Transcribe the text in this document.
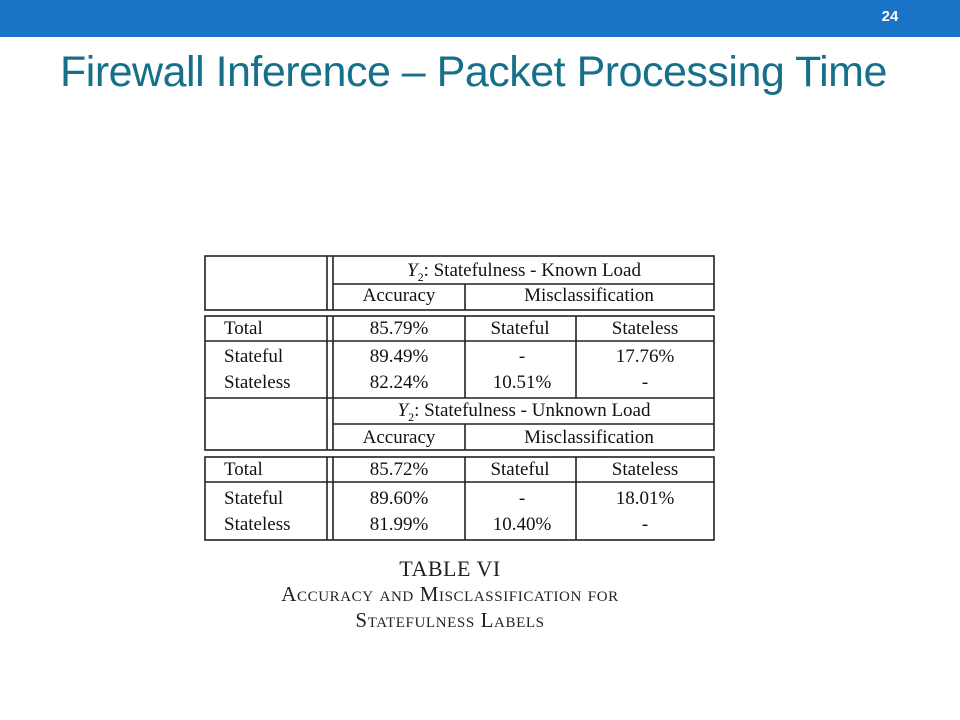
24
Firewall Inference – Packet Processing Time
$Y_2$: Statefulness - Known Load
Accuracy	Misclassification
Total	85.79%	Stateful	Stateless
Stateful	89.49%	-	17.76%
Stateless	82.24%	10.51%	-
$Y_2$: Statefulness - Unknown Load
Accuracy	Misclassification
Total	85.72%	Stateful	Stateless
Stateful	89.60%	-	18.01%
Stateless	81.99%	10.40%	-
TABLE VI
Accuracy and Misclassification for
Statefulness Labels
